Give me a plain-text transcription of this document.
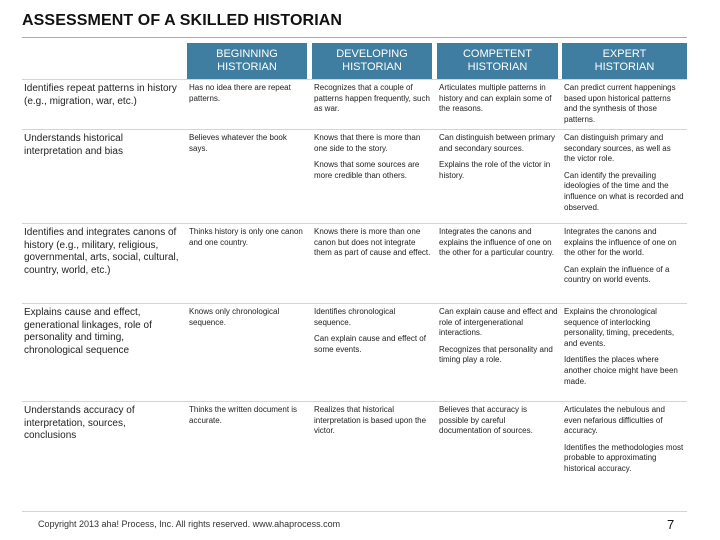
ASSESSMENT OF A SKILLED HISTORIAN
BEGINNING
HISTORIAN
DEVELOPING
HISTORIAN
COMPETENT
HISTORIAN
EXPERT
HISTORIAN
Identifies repeat patterns in history (e.g., migration, war, etc.)
Has no idea there are repeat patterns.
Recognizes that a couple of patterns happen frequently, such as war.
Articulates multiple patterns in history and can explain some of the reasons.
Can predict current happenings based upon historical patterns and the synthesis of those patterns.
Understands historical interpretation and bias
Believes whatever the book says.
Knows that there is more than one side to the story.
Knows that some sources are more credible than others.
Can distinguish between primary and secondary sources.
Explains the role of the victor in history.
Can distinguish primary and secondary sources, as well as the victor role.
Can identify the prevailing ideologies of the time and the influence on what is recorded and observed.
Identifies and integrates canons of history (e.g., military, religious, governmental, arts, social, cultural, country, world, etc.)
Thinks history is only one canon and one country.
Knows there is more than one canon but does not integrate them as part of cause and effect.
Integrates the canons and explains the influence of one on the other for a particular country.
Integrates the canons and explains the influence of one on the other for the world.
Can explain the influence of a country on world events.
Explains cause and effect, generational linkages, role of personality and timing, chronological sequence
Knows only chronological sequence.
Identifies chronological sequence.
Can explain cause and effect of some events.
Can explain cause and effect and role of intergenerational interactions.
Recognizes that personality and timing play a role.
Explains the chronological sequence of interlocking personality, timing, precedents, and events.
Identifies the places where another choice might have been made.
Understands accuracy of interpretation, sources, conclusions
Thinks the written document is accurate.
Realizes that historical interpretation is based upon the victor.
Believes that accuracy is possible by careful documentation of sources.
Articulates the nebulous and even nefarious difficulties of accuracy.
Identifies the methodologies most probable to approximating historical accuracy.
Copyright 2013 aha! Process, Inc. All rights reserved. www.ahaprocess.com	7
